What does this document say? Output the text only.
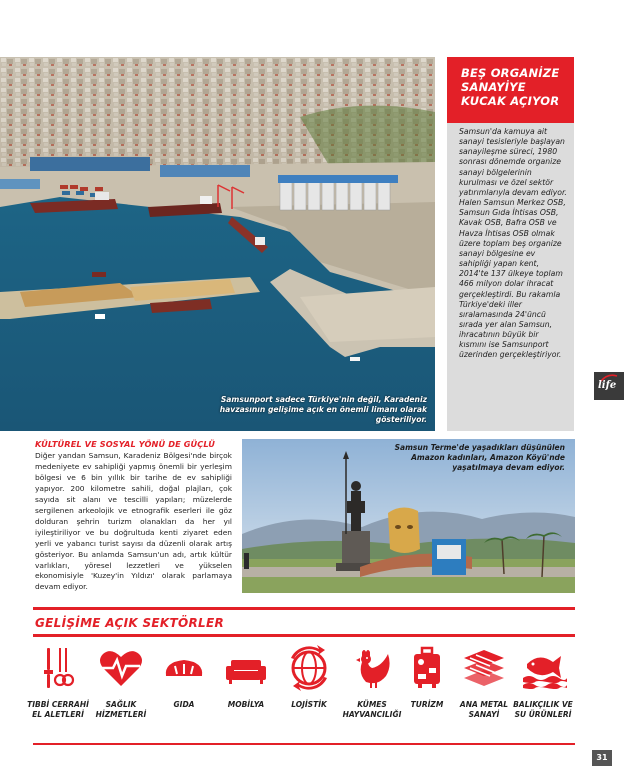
Samsunport sadece Türkiye'nin değil, Karadeniz havzasının gelişime açık en önemli limanı olarak gösteriliyor.
BEŞ ORGANİZE SANAYİYE KUCAK AÇIYOR
Samsun'da kamuya ait sanayi tesisleriyle başlayan sanayileşme süreci, 1980 sonrası dönemde organize sanayi bölgelerinin kurulması ve özel sektör yatırımlarıyla devam ediyor. Halen Samsun Merkez OSB, Samsun Gıda İhtisas OSB, Kavak OSB, Bafra OSB ve Havza İhtisas OSB olmak üzere toplam beş organize sanayi bölgesine ev sahipliği yapan kent, 2014'te 137 ülkeye toplam 466 milyon dolar ihracat gerçekleştirdi. Bu rakamla Türkiye'deki iller sıralamasında 24'üncü sırada yer alan Samsun, ihracatının büyük bir kısmını ise Samsunport üzerinden gerçekleştiriyor.
life
KÜLTÜREL VE SOSYAL YÖNÜ DE GÜÇLÜ
Diğer yandan Samsun, Karadeniz Bölgesi'nde birçok medeniyete ev sahipliği yapmış önemli bir yerleşim bölgesi ve 6 bin yıllık bir tarihe de ev sahipliği yapıyor. 200 kilometre sahili, doğal plajları, çok sayıda sit alanı ve tescilli yapıları; müzelerde sergilenen arkeolojik ve etnografik eserleri ile göz dolduran şehrin turizm olanakları da her yıl iyileştiriliyor ve bu doğrultuda kenti ziyaret eden yerli ve yabancı turist sayısı da düzenli olarak artış gösteriyor. Bu anlamda Samsun'un adı, artık kültür varlıkları, yöresel lezzetleri ve yükselen ekonomisiyle 'Kuzey'in Yıldızı' olarak parlamaya devam ediyor.
Samsun Terme'de yaşadıkları düşünülen Amazon kadınları, Amazon Köyü'nde yaşatılmaya devam ediyor.
GELİŞİME AÇIK SEKTÖRLER
TIBBİ CERRAHİ
EL ALETLERİ
SAĞLIK
HİZMETLERİ
GIDA	MOBİLYA	LOJİSTİK	KÜMES
HAYVANCILIĞI
TURİZM	ANA METAL
SANAYİ
BALIKÇILIK VE
SU ÜRÜNLERİ
31
